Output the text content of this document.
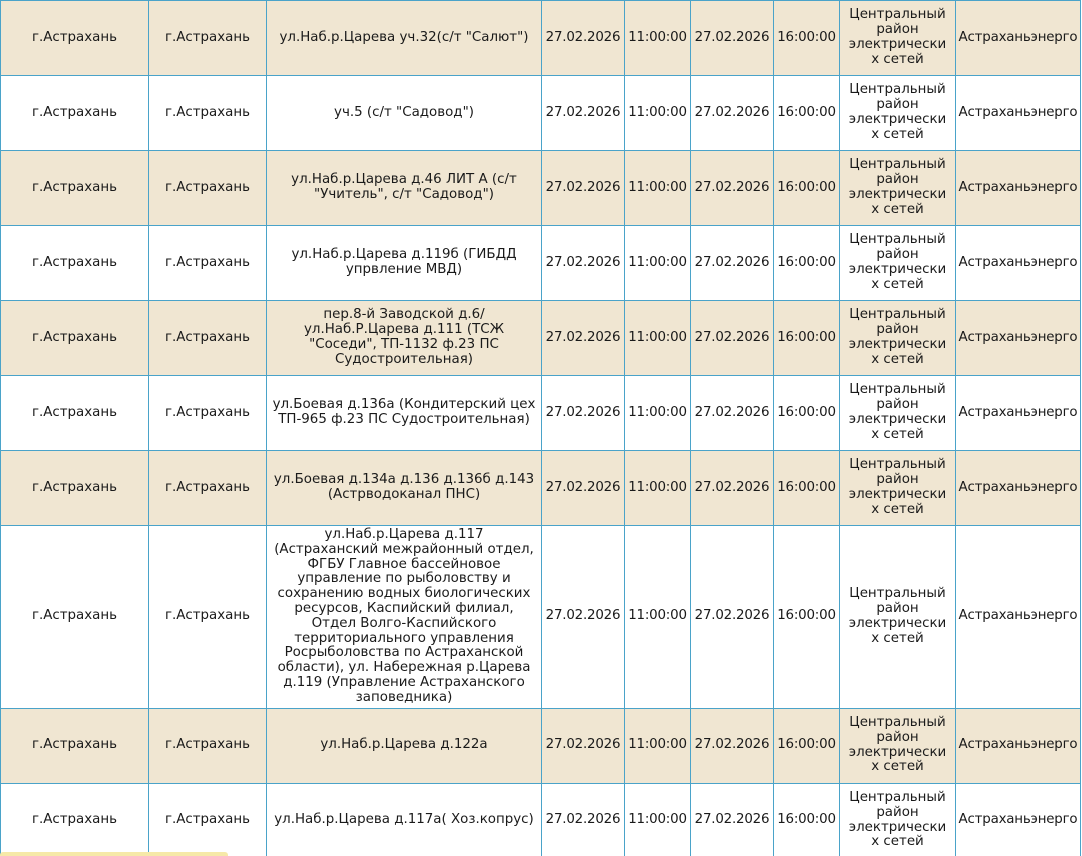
г.Астрахань	г.Астрахань	ул.Наб.р.Царева уч.32(с/т "Салют")	27.02.2026	11:00:00	27.02.2026	16:00:00	Центральный район электрических сетей	Астраханьэнерго
г.Астрахань	г.Астрахань	уч.5 (с/т "Садовод")	27.02.2026	11:00:00	27.02.2026	16:00:00	Центральный район электрических сетей	Астраханьэнерго
г.Астрахань	г.Астрахань	ул.Наб.р.Царева д.46 ЛИТ А (с/т "Учитель", с/т "Садовод")	27.02.2026	11:00:00	27.02.2026	16:00:00	Центральный район электрических сетей	Астраханьэнерго
г.Астрахань	г.Астрахань	ул.Наб.р.Царева д.119б (ГИБДД упрвление МВД)	27.02.2026	11:00:00	27.02.2026	16:00:00	Центральный район электрических сетей	Астраханьэнерго
г.Астрахань	г.Астрахань	пер.8-й Заводской д.6/ул.Наб.Р.Царева д.111 (ТСЖ "Соседи", ТП-1132 ф.23 ПС Судостроительная)	27.02.2026	11:00:00	27.02.2026	16:00:00	Центральный район электрических сетей	Астраханьэнерго
г.Астрахань	г.Астрахань	ул.Боевая д.136а (Кондитерский цех ТП-965 ф.23 ПС Судостроительная)	27.02.2026	11:00:00	27.02.2026	16:00:00	Центральный район электрических сетей	Астраханьэнерго
г.Астрахань	г.Астрахань	ул.Боевая д.134а д.136 д.136б д.143 (Астрводоканал ПНС)	27.02.2026	11:00:00	27.02.2026	16:00:00	Центральный район электрических сетей	Астраханьэнерго
г.Астрахань	г.Астрахань	ул.Наб.р.Царева д.117 (Астраханский межрайонный отдел, ФГБУ Главное бассейновое управление по рыболовству и сохранению водных биологических ресурсов, Каспийский филиал, Отдел Волго-Каспийского территориального управления Росрыболовства по Астраханской области), ул. Набережная р.Царева д.119 (Управление Астраханского заповедника)	27.02.2026	11:00:00	27.02.2026	16:00:00	Центральный район электрических сетей	Астраханьэнерго
г.Астрахань	г.Астрахань	ул.Наб.р.Царева д.122а	27.02.2026	11:00:00	27.02.2026	16:00:00	Центральный район электрических сетей	Астраханьэнерго
г.Астрахань	г.Астрахань	ул.Наб.р.Царева д.117а( Хоз.копрус)	27.02.2026	11:00:00	27.02.2026	16:00:00	Центральный район электрических сетей	Астраханьэнерго
